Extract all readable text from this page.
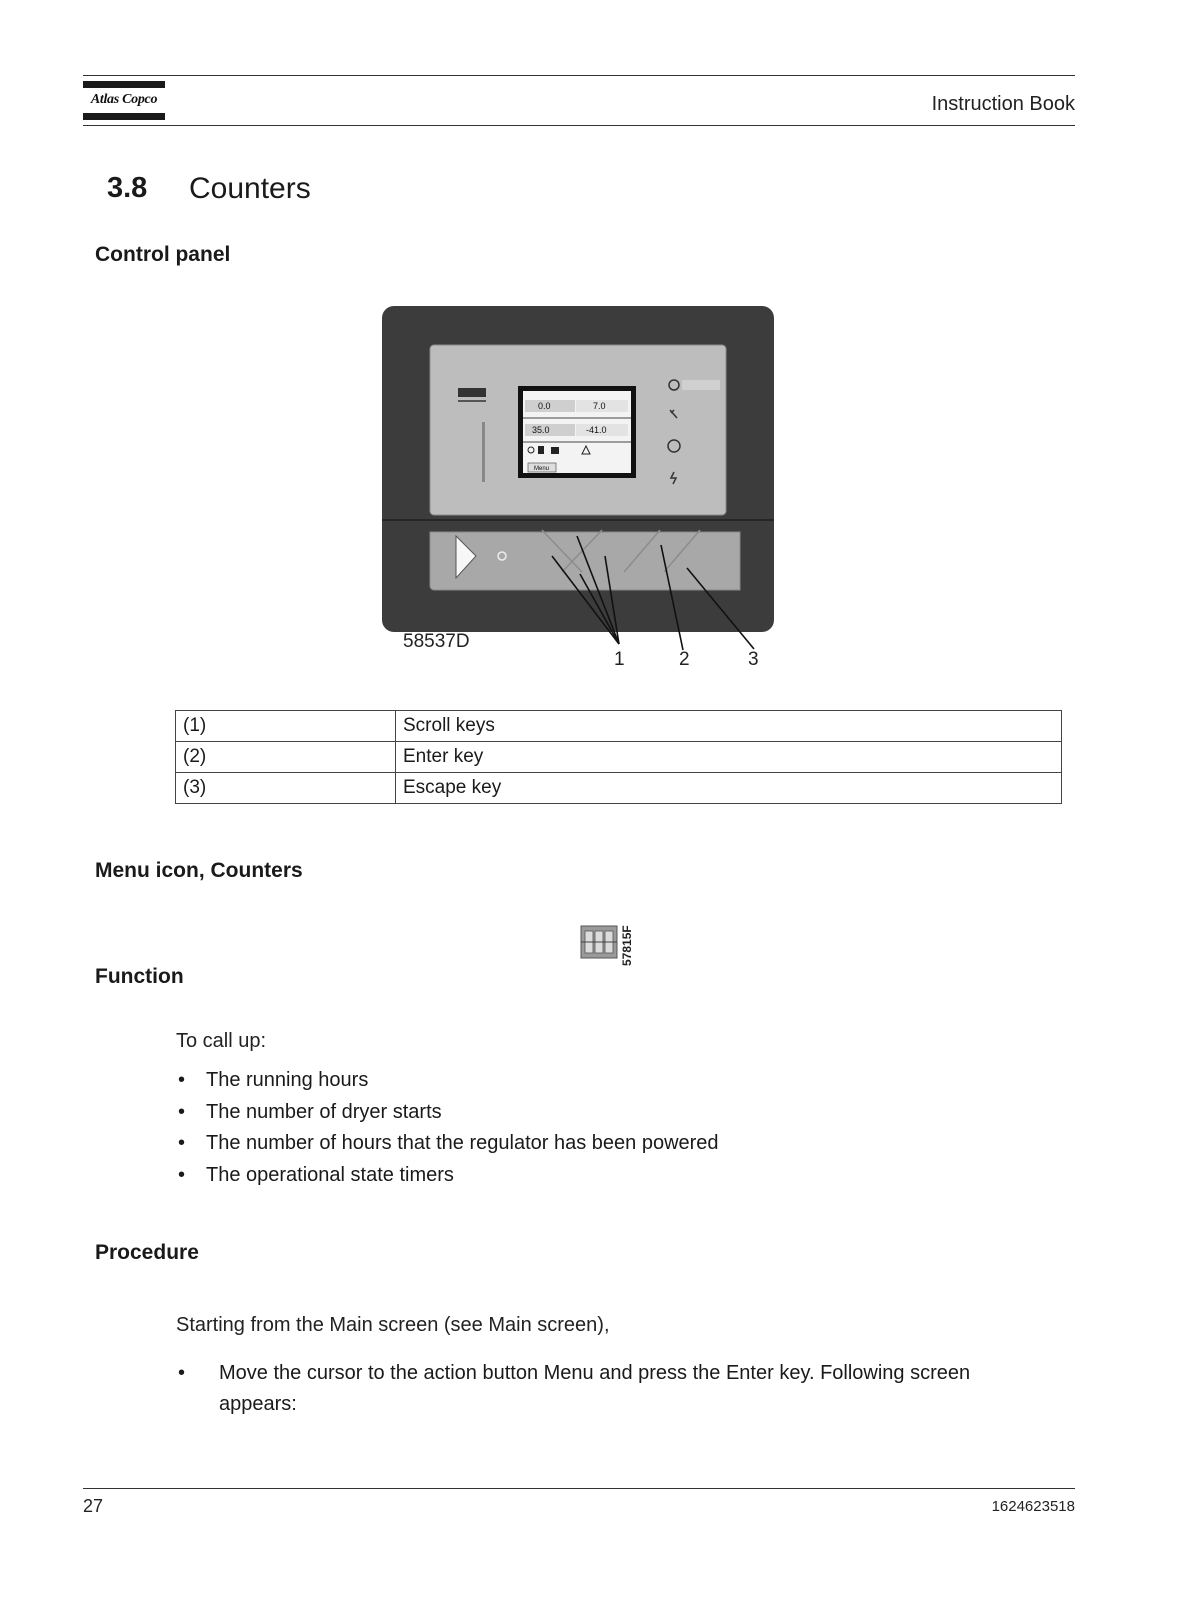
Atlas Copco	Instruction Book
3.8 Counters
Control panel
0.0	7.0
35.0	-41.0
Menu
58537D
1	2	3
(1)	Scroll keys
(2)	Enter key
(3)	Escape key
Menu icon, Counters
57815F
Function
To call up:
• The running hours
• The number of dryer starts
• The number of hours that the regulator has been powered
• The operational state timers
Procedure
Starting from the Main screen (see Main screen),
• Move the cursor to the action button Menu and press the Enter key. Following screen appears:
27	1624623518
